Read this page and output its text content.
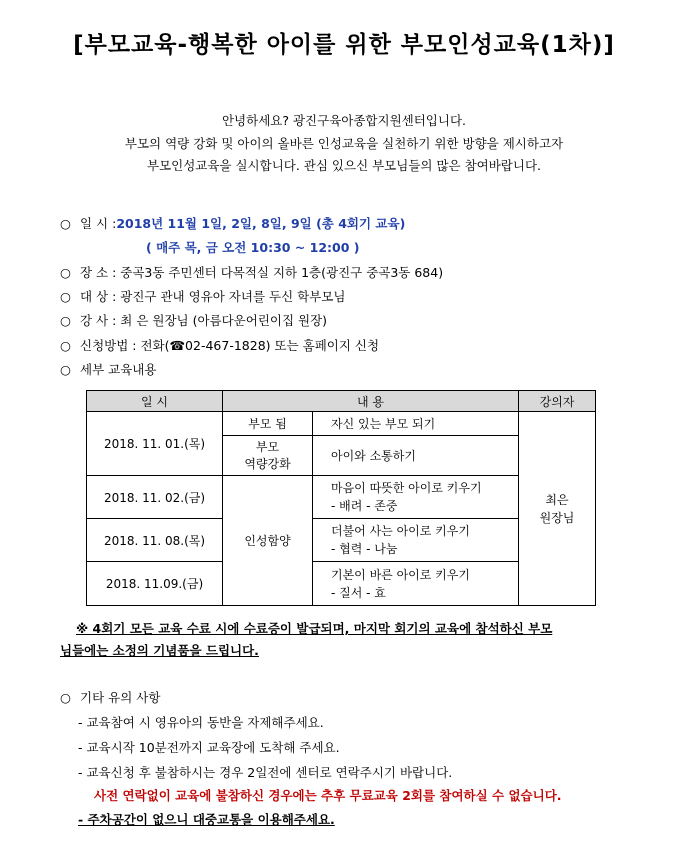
[부모교육-행복한 아이를 위한 부모인성교육(1차)]
안녕하세요? 광진구육아종합지원센터입니다.
부모의 역량 강화 및 아이의 올바른 인성교육을 실천하기 위한 방향을 제시하고자
부모인성교육을 실시합니다. 관심 있으신 부모님들의 많은 참여바랍니다.
○ 일 시 :2018년 11월 1일, 2일, 8일, 9일 (총 4회기 교육)
( 매주 목, 금 오전 10:30 ~ 12:00 )
○ 장 소 : 중곡3동 주민센터 다목적실 지하 1층(광진구 중곡3동 684)
○ 대 상 : 광진구 관내 영유아 자녀를 두신 학부모님
○ 강 사 : 최 은 원장님 (아름다운어린이집 원장)
○ 신청방법 : 전화(☎02-467-1828) 또는 홈페이지 신청
○ 세부 교육내용
일 시	내 용		강의자
2018. 11. 01.(목)	부모 됨	자신 있는 부모 되기	최은
원장님
	부모
역량강화	아이와 소통하기	
2018. 11. 02.(금)	인성함양	마음이 따뜻한 아이로 키우기
- 배려 - 존중	
2018. 11. 08.(목)		더불어 사는 아이로 키우기
- 협력 - 나눔	
2018. 11.09.(금)		기본이 바른 아이로 키우기
- 질서 - 효	
※ 4회기 모든 교육 수료 시에 수료증이 발급되며, 마지막 회기의 교육에 참석하신 부모
님들에는 소정의 기념품을 드립니다.
○ 기타 유의 사항
- 교육참여 시 영유아의 동반을 자제해주세요.
- 교육시작 10분전까지 교육장에 도착해 주세요.
- 교육신청 후 불참하시는 경우 2일전에 센터로 연락주시기 바랍니다.
사전 연락없이 교육에 불참하신 경우에는 추후 무료교육 2회를 참여하실 수 없습니다.
- 주차공간이 없으니 대중교통을 이용해주세요.
